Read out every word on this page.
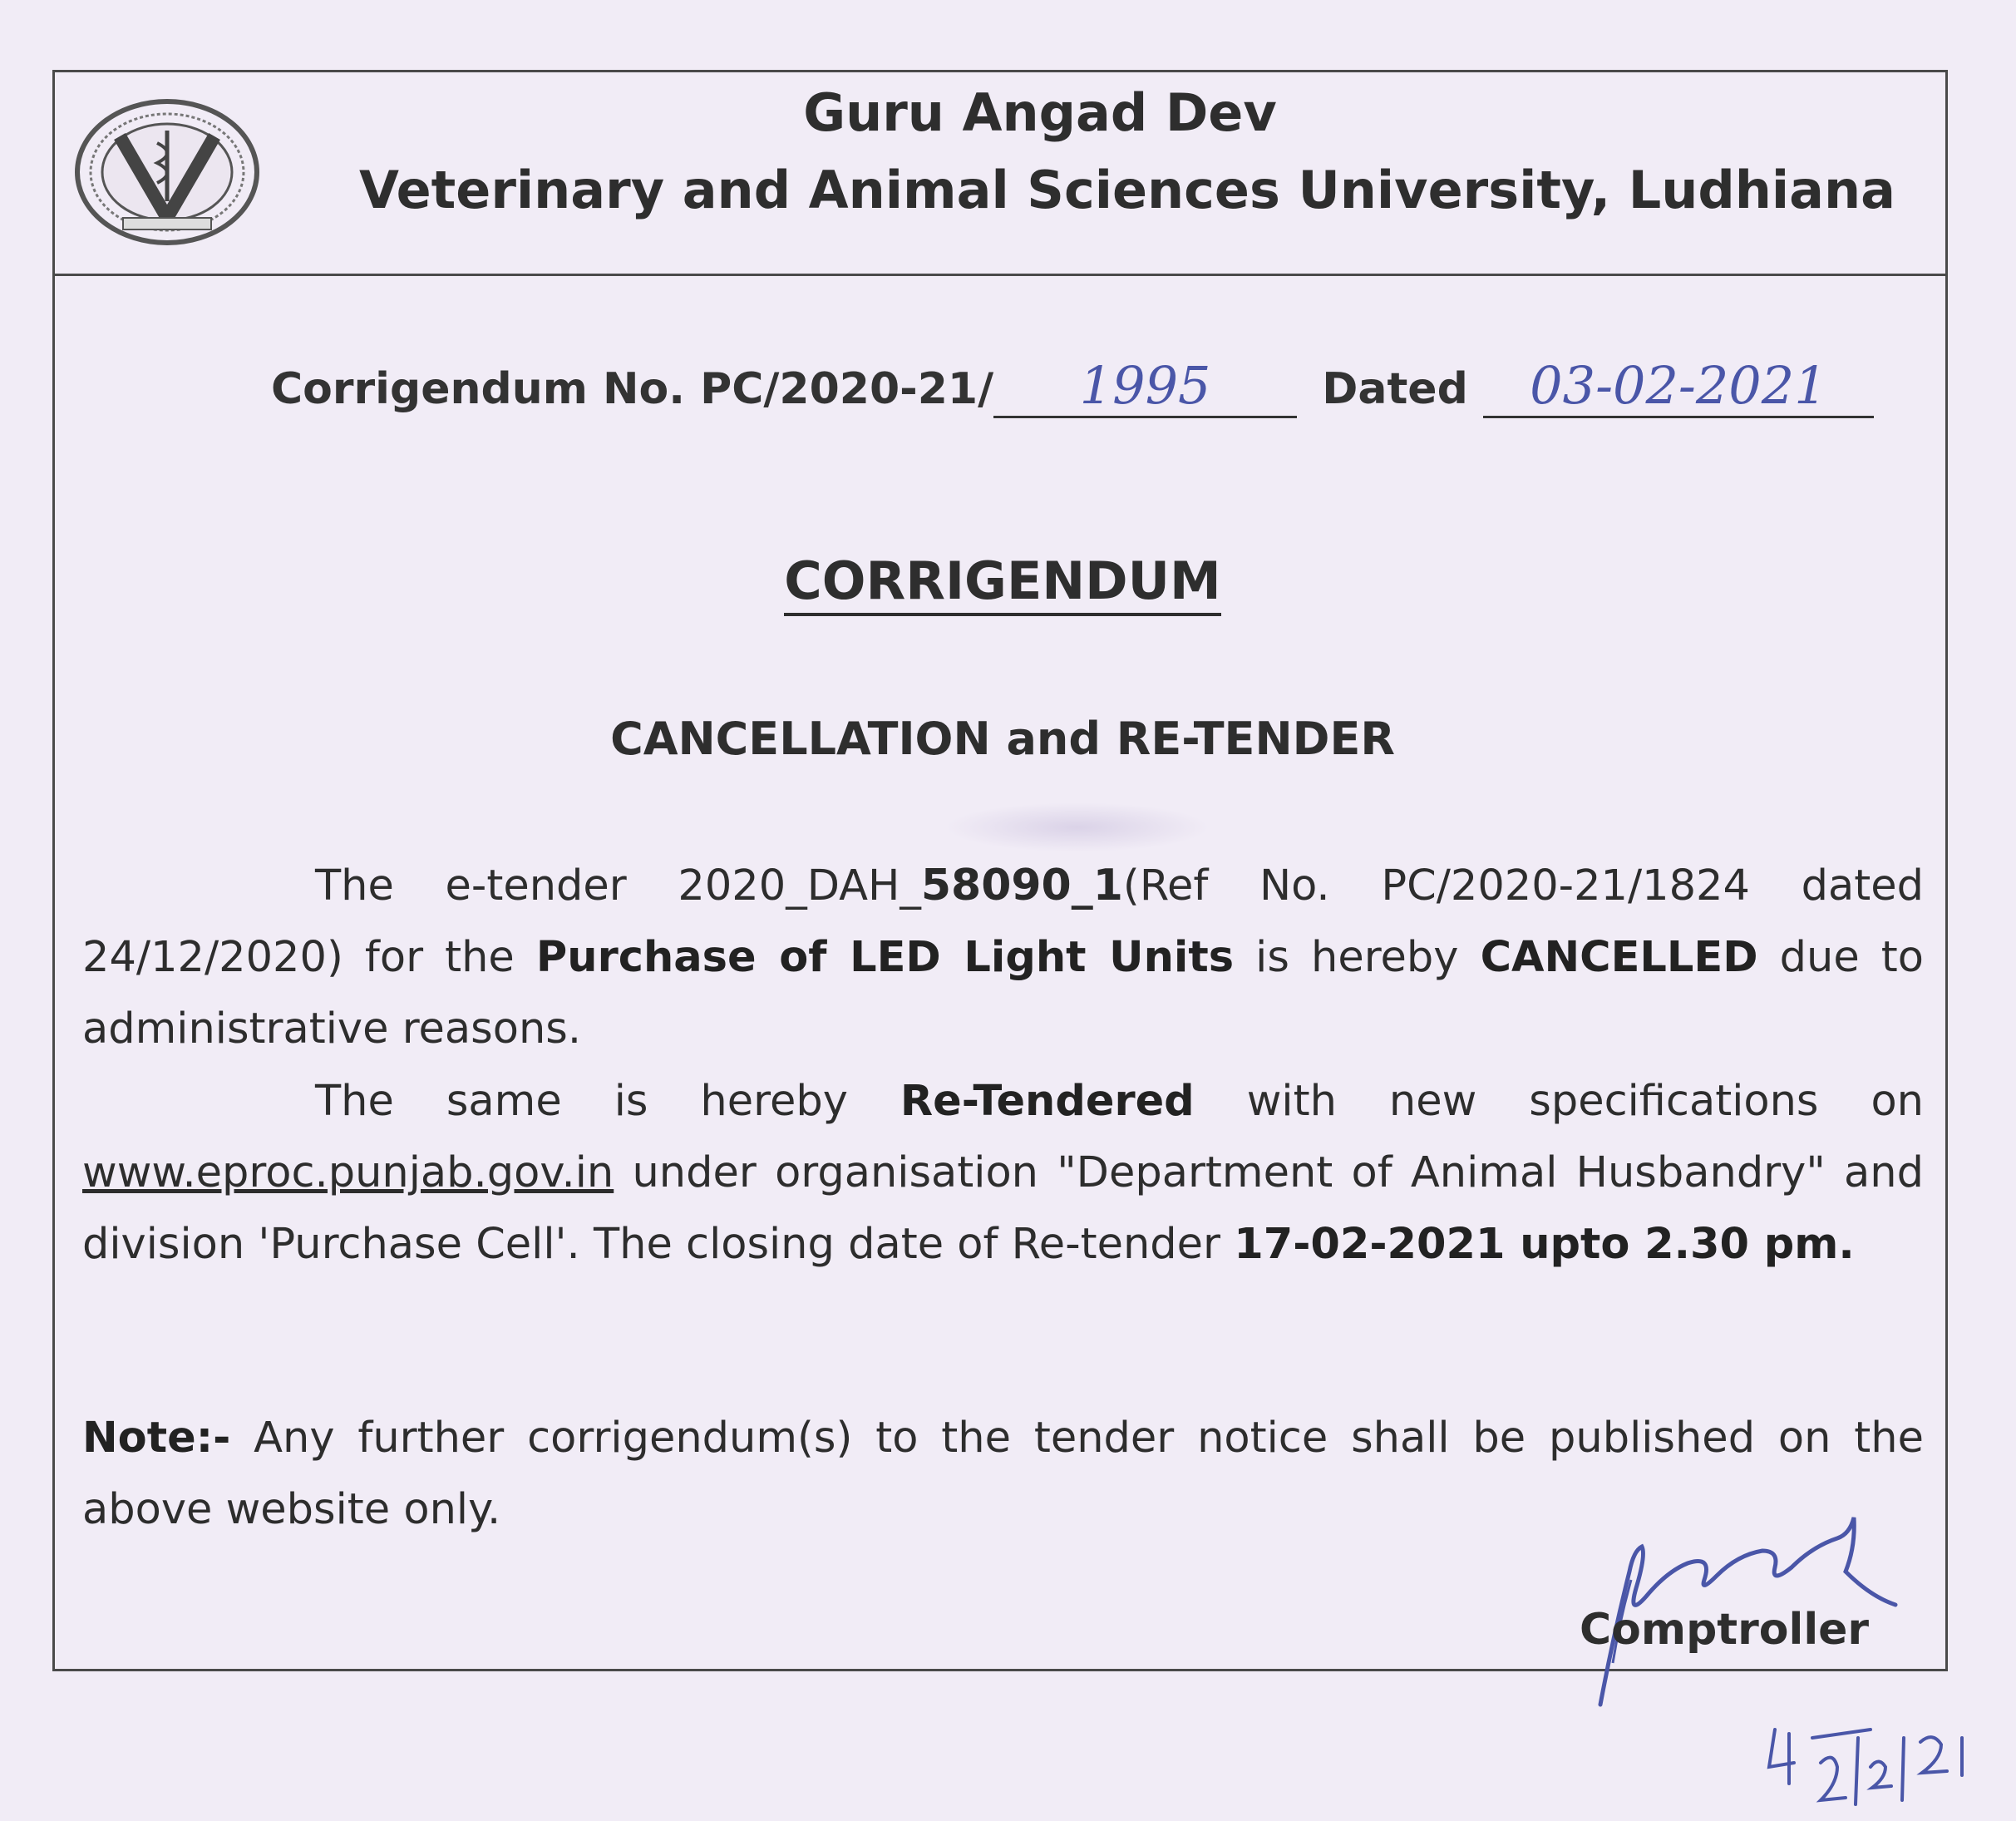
Guru Angad Dev
Veterinary and Animal Sciences University, Ludhiana
Corrigendum No. PC/2020-21/ 1995	Dated 03-02-2021
CORRIGENDUM
CANCELLATION and RE-TENDER
The e-tender 2020_DAH_58090_1(Ref No. PC/2020-21/1824 dated 24/12/2020) for the Purchase of LED Light Units is hereby CANCELLED due to administrative reasons.
The same is hereby Re-Tendered with new specifications on www.eproc.punjab.gov.in under organisation "Department of Animal Husbandry" and division 'Purchase Cell'. The closing date of Re-tender 17-02-2021 upto 2.30 pm.
Note:- Any further corrigendum(s) to the tender notice shall be published on the above website only.
Comptroller
